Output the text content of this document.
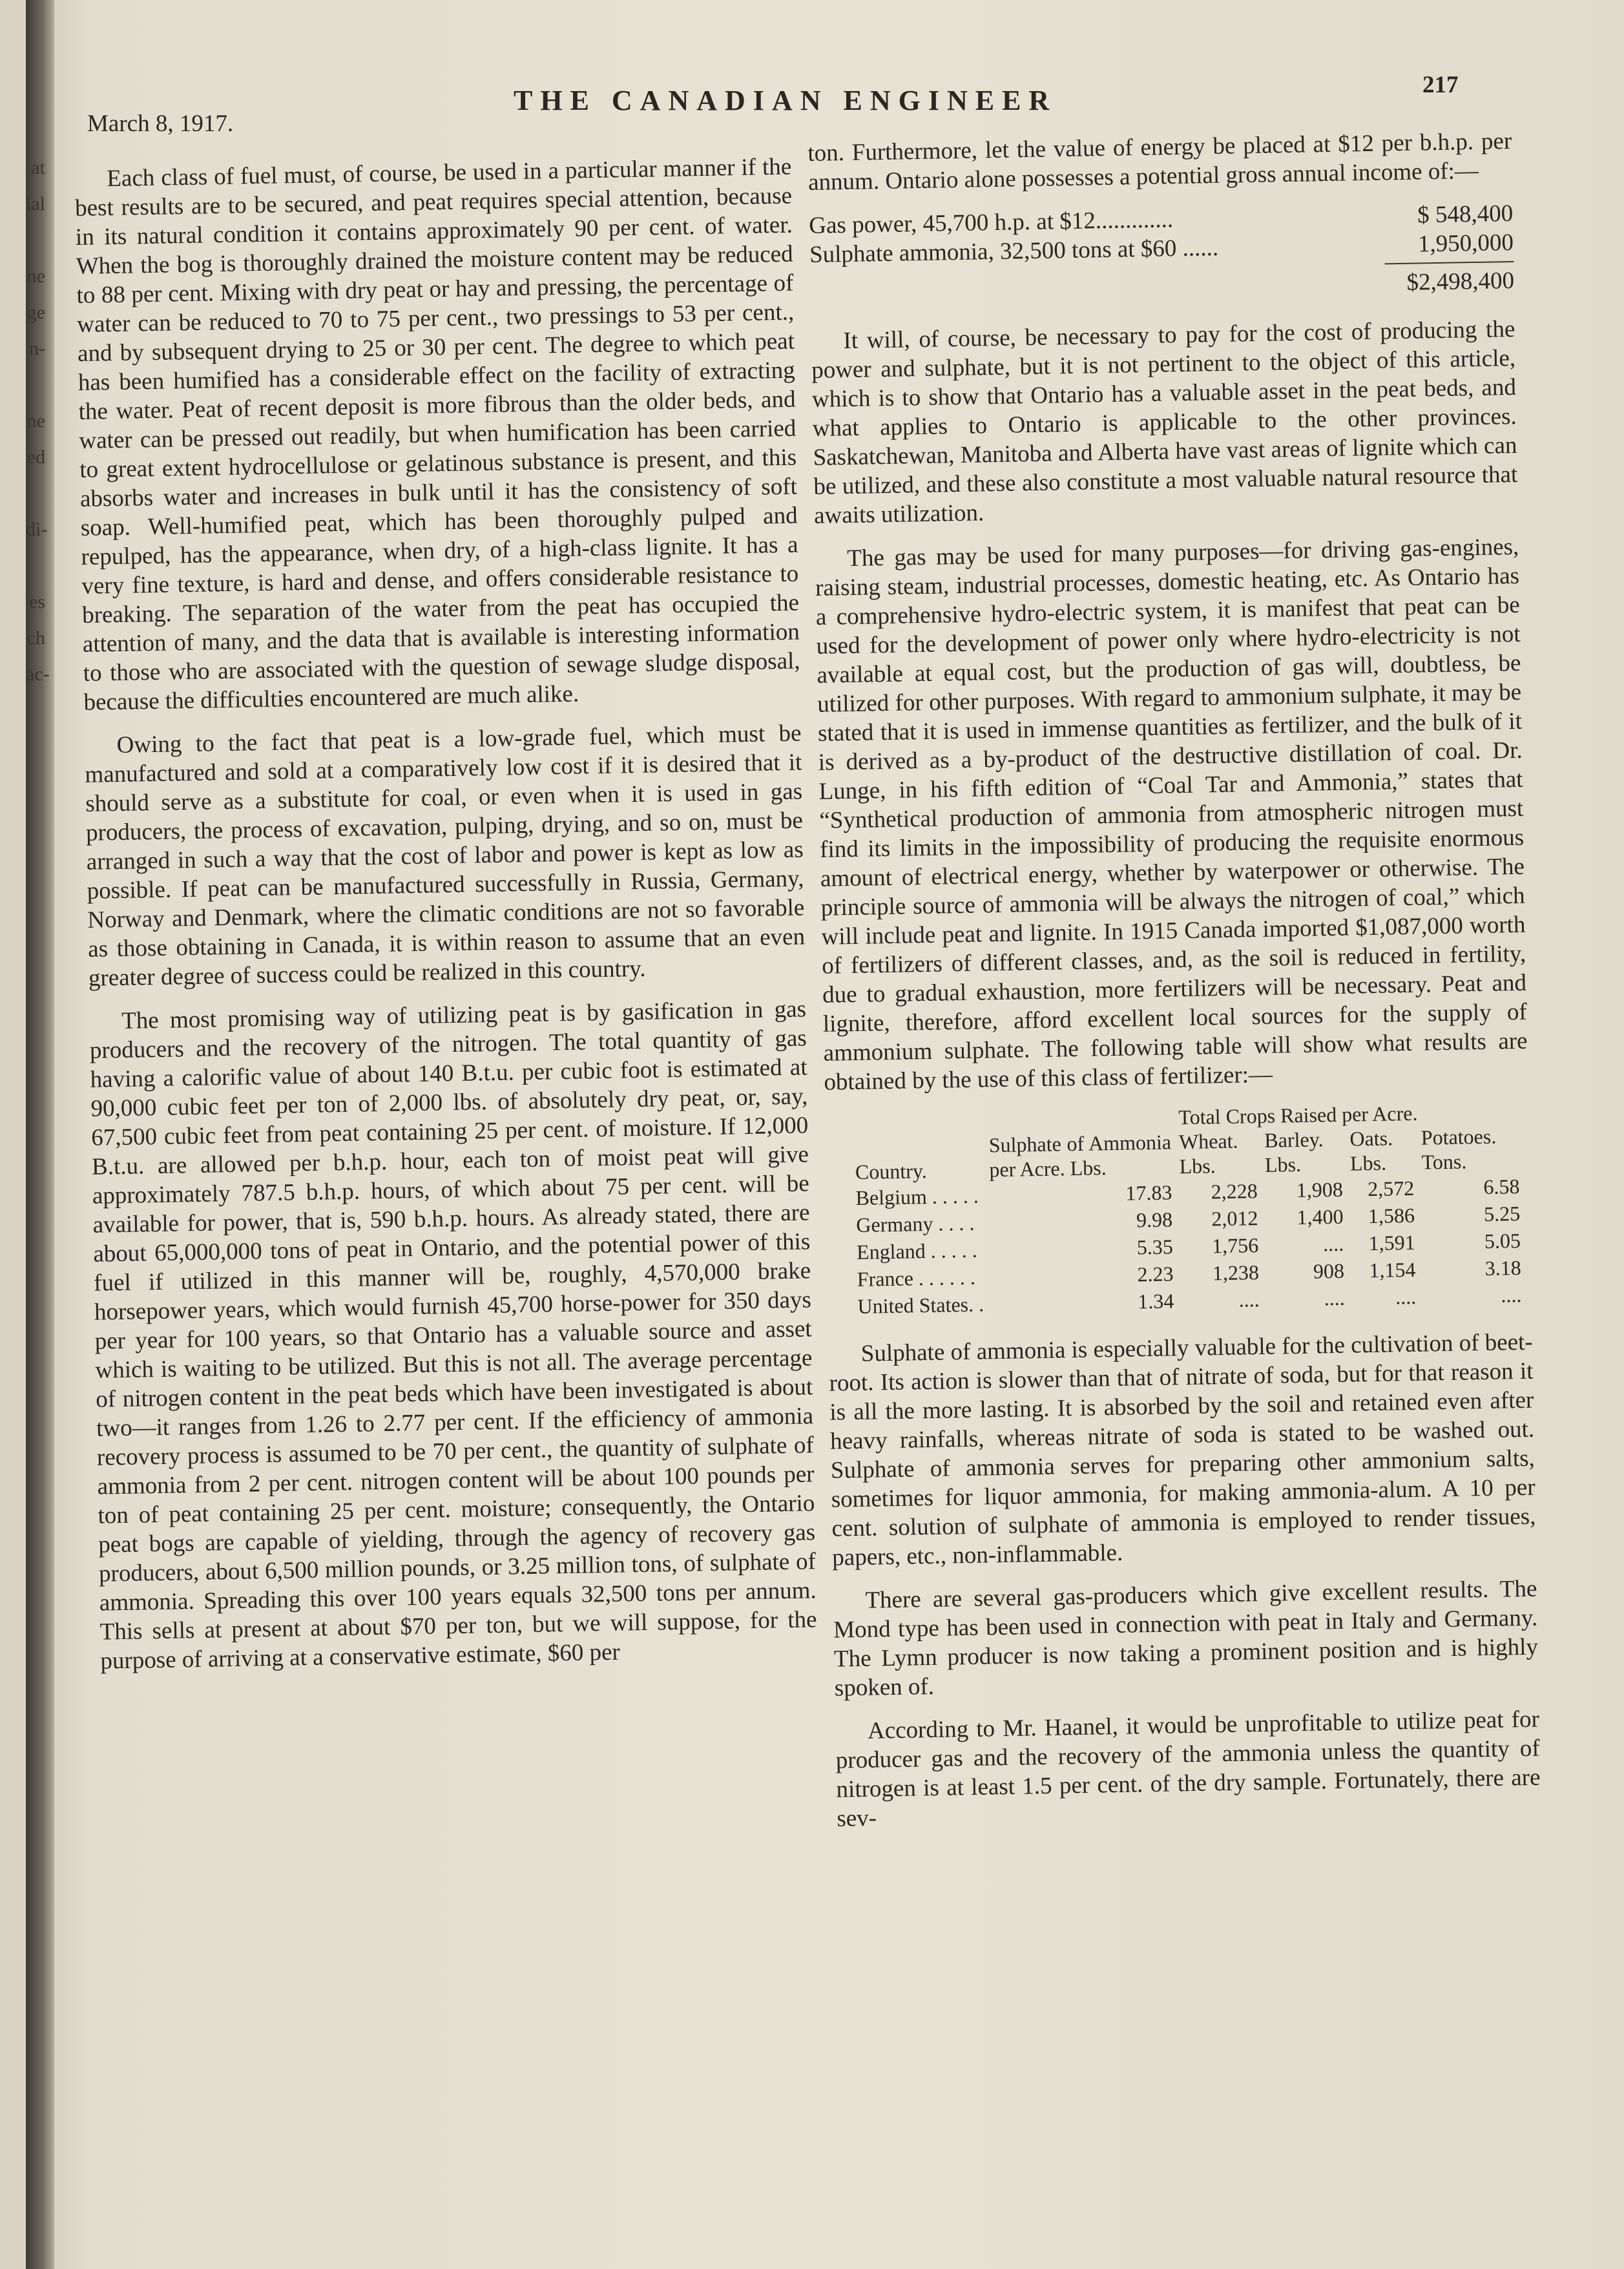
at
ial
ne
ge
n-
ne
ed
di-
es
ch
ac-
March 8, 1917.
THE CANADIAN ENGINEER	217

Each class of fuel must, of course, be used in a particular manner if the best results are to be secured, and peat requires special attention, because in its natural condition it contains approximately 90 per cent. of water. When the bog is thoroughly drained the moisture content may be reduced to 88 per cent. Mixing with dry peat or hay and pressing, the percentage of water can be reduced to 70 to 75 per cent., two pressings to 53 per cent., and by subsequent drying to 25 or 30 per cent. The degree to which peat has been humified has a considerable effect on the facility of extracting the water. Peat of recent deposit is more fibrous than the older beds, and water can be pressed out readily, but when humification has been carried to great extent hydrocellulose or gelatinous substance is present, and this absorbs water and increases in bulk until it has the consistency of soft soap. Well-humified peat, which has been thoroughly pulped and repulped, has the appearance, when dry, of a high-class lignite. It has a very fine texture, is hard and dense, and offers considerable resistance to breaking. The separation of the water from the peat has occupied the attention of many, and the data that is available is interesting information to those who are associated with the question of sewage sludge disposal, because the difficulties encountered are much alike.

Owing to the fact that peat is a low-grade fuel, which must be manufactured and sold at a comparatively low cost if it is desired that it should serve as a substitute for coal, or even when it is used in gas producers, the process of excavation, pulping, drying, and so on, must be arranged in such a way that the cost of labor and power is kept as low as possible. If peat can be manufactured successfully in Russia, Germany, Norway and Denmark, where the climatic conditions are not so favorable as those obtaining in Canada, it is within reason to assume that an even greater degree of success could be realized in this country.

The most promising way of utilizing peat is by gasification in gas producers and the recovery of the nitrogen. The total quantity of gas having a calorific value of about 140 B.t.u. per cubic foot is estimated at 90,000 cubic feet per ton of 2,000 lbs. of absolutely dry peat, or, say, 67,500 cubic feet from peat containing 25 per cent. of moisture. If 12,000 B.t.u. are allowed per b.h.p. hour, each ton of moist peat will give approximately 787.5 b.h.p. hours, of which about 75 per cent. will be available for power, that is, 590 b.h.p. hours. As already stated, there are about 65,000,000 tons of peat in Ontario, and the potential power of this fuel if utilized in this manner will be, roughly, 4,570,000 brake horsepower years, which would furnish 45,700 horse-power for 350 days per year for 100 years, so that Ontario has a valuable source and asset which is waiting to be utilized. But this is not all. The average percentage of nitrogen content in the peat beds which have been investigated is about two—it ranges from 1.26 to 2.77 per cent. If the efficiency of ammonia recovery process is assumed to be 70 per cent., the quantity of sulphate of ammonia from 2 per cent. nitrogen content will be about 100 pounds per ton of peat containing 25 per cent. moisture; consequently, the Ontario peat bogs are capable of yielding, through the agency of recovery gas producers, about 6,500 million pounds, or 3.25 million tons, of sulphate of ammonia. Spreading this over 100 years equals 32,500 tons per annum. This sells at present at about $70 per ton, but we will suppose, for the purpose of arriving at a conservative estimate, $60 per

ton. Furthermore, let the value of energy be placed at $12 per b.h.p. per annum. Ontario alone possesses a potential gross annual income of:—

Gas power, 45,700 h.p. at $12.............	$ 548,400
Sulphate ammonia, 32,500 tons at $60 ......	1,950,000
$2,498,400

It will, of course, be necessary to pay for the cost of producing the power and sulphate, but it is not pertinent to the object of this article, which is to show that Ontario has a valuable asset in the peat beds, and what applies to Ontario is applicable to the other provinces. Saskatchewan, Manitoba and Alberta have vast areas of lignite which can be utilized, and these also constitute a most valuable natural resource that awaits utilization.

The gas may be used for many purposes—for driving gas-engines, raising steam, industrial processes, domestic heating, etc. As Ontario has a comprehensive hydro-electric system, it is manifest that peat can be used for the development of power only where hydro-electricity is not available at equal cost, but the production of gas will, doubtless, be utilized for other purposes. With regard to ammonium sulphate, it may be stated that it is used in immense quantities as fertilizer, and the bulk of it is derived as a by-product of the destructive distillation of coal. Dr. Lunge, in his fifth edition of “Coal Tar and Ammonia,” states that “Synthetical production of ammonia from atmospheric nitrogen must find its limits in the impossibility of producing the requisite enormous amount of electrical energy, whether by waterpower or otherwise. The principle source of ammonia will be always the nitrogen of coal,” which will include peat and lignite. In 1915 Canada imported $1,087,000 worth of fertilizers of different classes, and, as the soil is reduced in fertility, due to gradual exhaustion, more fertilizers will be necessary. Peat and lignite, therefore, afford excellent local sources for the supply of ammonium sulphate. The following table will show what results are obtained by the use of this class of fertilizer:—

Country.	Sulphate of Ammonia per Acre. Lbs.	Total Crops Raised per Acre.			
		Wheat. Lbs.	Barley. Lbs.	Oats. Lbs.	Potatoes. Tons.
Belgium . . . . .	17.83	2,228	1,908	2,572	6.58
Germany . . . .	9.98	2,012	1,400	1,586	5.25
England . . . . .	5.35	1,756	....	1,591	5.05
France . . . . . .	2.23	1,238	908	1,154	3.18
United States. .	1.34	....	....	....	....

Sulphate of ammonia is especially valuable for the cultivation of beet-root. Its action is slower than that of nitrate of soda, but for that reason it is all the more lasting. It is absorbed by the soil and retained even after heavy rainfalls, whereas nitrate of soda is stated to be washed out. Sulphate of ammonia serves for preparing other ammonium salts, sometimes for liquor ammonia, for making ammonia-alum. A 10 per cent. solution of sulphate of ammonia is employed to render tissues, papers, etc., non-inflammable.

There are several gas-producers which give excellent results. The Mond type has been used in connection with peat in Italy and Germany. The Lymn producer is now taking a prominent position and is highly spoken of.

According to Mr. Haanel, it would be unprofitable to utilize peat for producer gas and the recovery of the ammonia unless the quantity of nitrogen is at least 1.5 per cent. of the dry sample. Fortunately, there are sev-
